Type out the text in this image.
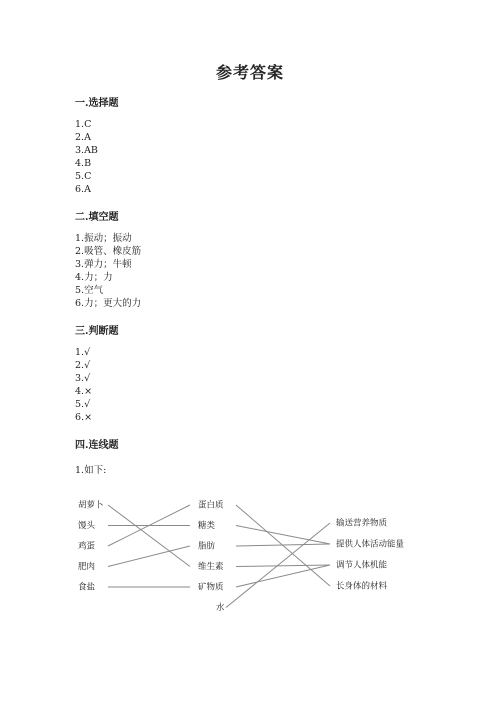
参考答案
一.选择题
1.C
2.A
3.AB
4.B
5.C
6.A
二.填空题
1.振动；振动
2.吸管、橡皮筋
3.弹力；牛顿
4.力；力
5.空气
6.力；更大的力
三.判断题
1.√
2.√
3.√
4.×
5.√
6.×
四.连线题
1.如下:
胡萝卜
馒头
鸡蛋
肥肉
食盐
蛋白质
糖类
脂肪
维生素
矿物质
水
输送营养物质
提供人体活动能量
调节人体机能
长身体的材料
